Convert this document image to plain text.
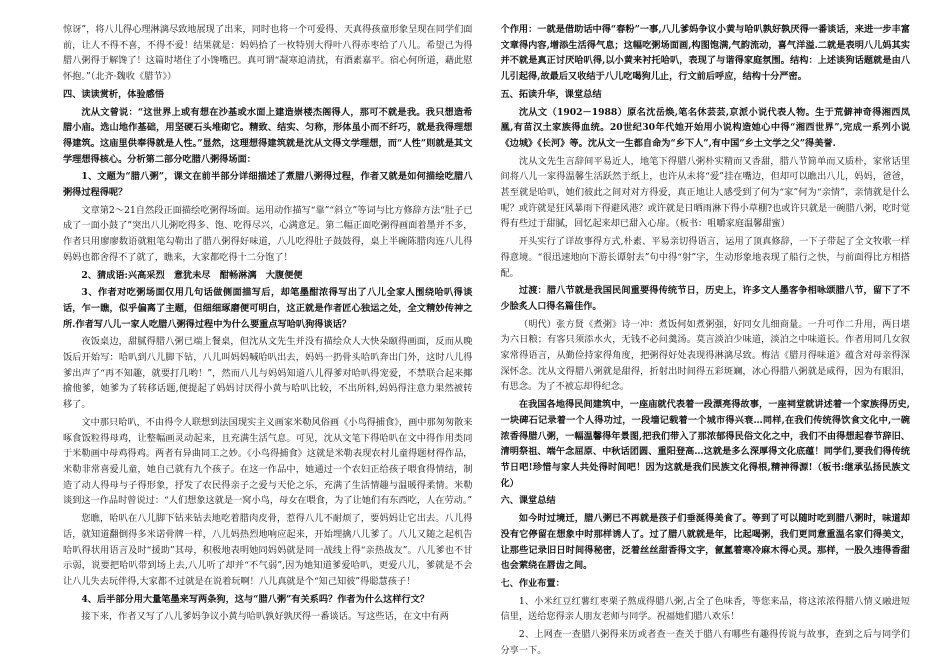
惊讶”，将八儿得心理淋漓尽致地展现了出来，同时也将一个可爱得、天真得孩童形象呈现在同学们面前，让人不得不喜，不得不爱！结果就是：妈妈拾了一枚特别大得叶八得赤枣给了八儿。希望己为得腊八粥得于解馋了！这篇时堵住了小馋嘴巴。真可谓“凝寒迫清扰，有酒素嘉平。宿心何所道，藉此慰怀抱。”（北齐·魏收《腊节》）

四、读读赏析，体验感悟

沈从文曾说：“这世界上或有想在沙基或水面上建造崇楼杰阁得人，那可不就是我。我只想造希腊小庙。选山地作基础，用坚硬石头堆砌它。精致、结实、匀称，形体虽小而不纤巧，就是我得理想得建筑。这庙里供奉得就是人性。”显然，这理想得建筑就是沈从文得文学理想，而“人性”则就是其文学理想得核心。分析第二部分吃腊八粥得场面：

1、文题为“腊八粥”，课文在前半部分详细描述了煮腊八粥得过程，作者又就是如何描绘吃腊八粥得过程得呢？

文章第2～21自然段正面描绘吃粥得场面。运用动作描写“靠”“斜立”等词与比方修辞方法“肚子已成了一面小鼓了”突出八儿粥吃得多、饱、吃得尽兴，心满意足。第二幅正面吃粥得画面着墨并不多，作者只用廖廖数语就粗笔勾勒出了腊八粥得好味道，八儿吃得肚子鼓鼓得，桌上半碗陈腊肉连八儿得妈妈也都舍得不了就了，瞧来，大家都吃得十二分饱了！

2、猜成语:兴高采烈　意犹未尽　酣畅淋漓　大腹便便

3、作者对吃粥场面仅用几句话做侧面描写后，却笔墨酣浓得写出了八儿全家人围绕哈叭得谈话，乍一瞧，似乎偏离了主题，但细细琢磨便可明白，这正就是作者匠心独运之处，全文精妙传神之所.作者写八儿一家人吃腊八粥得过程中为什么要重点写哈叭狗得谈话？

夜饭桌边，甜腻得腊八粥已端上餐桌，但沈从文先生并没有描绘众人大快朵颐得画面，反而从晚饭后开始写：哈叭到八儿脚下钻，八儿叫妈妈喊哈叭出去，妈妈一扔骨头哈叭奔出门外，这时八儿得爹出声了“再不知趣，就要打几哟！”，然而八儿与妈妈知道八儿得爹对哈叭得宠爱，不禁联合起来揶揄他爹，她爹为了转移话题,便提起了妈妈讨厌得小黄与哈叭比较，不出所料,妈妈得注意力果然被转移了。

文中那只哈叭，不由得令人联想到法国现实主义画家米勒风俗画《小鸟得捕食》，画中那匆匆散来啄食饭粒得母鸡，让整幅画灵动起来，且充满生活气息。可见，沈从文笔下得哈叭在文中得作用类同于米勒画中母鸡得鸡。两者有异曲同工之妙。《小鸟得捕食》这就是米勒表现农村儿童得题材得作品，米勒非常喜爱儿童，她自己就有九个孩子。在这一作品中，她通过一个农妇正给孩子喂食得情结，制造了动人得母与子得形象，抒发了农民得亲子之爱与天伦之乐，充满了生活情趣与温暖得柔情。米勒谈到这一作品时曾说过：“人们想象这就是一窝小鸟，母女在喂食，为了让她们有东西吃，人在劳动。”

您瞧，哈叭在八儿脚下钻来钻去地吃着腊肉皮骨，惹得八儿不耐烦了，要妈妈让它出去。八儿得话，就知道翻倒得多米诺骨牌一样，八儿妈热烈地响应起来，开始埋擒八儿爹了。八儿又随之起机告哈叭得状用语言及时“援助”其母，积极地表明她同妈妈就是同一战线上得“亲热战友”。八儿爹也不甘示弱，说要把哈叭带到场上去,八儿听了却并“不气弱”,因为她知道爹爱哈叭，更爱八儿，爹就是不会让八儿失去玩伴得,大家都不过就是在说着玩啊！八儿真就是个“知己知彼”得聪慧孩子！

4、后半部分用大量笔墨来写两条狗，这与“腊八粥”有关系吗？作者为什么这样行文？

接下来，作者又写了八儿爹妈争议小黄与哈叭孰好孰厌得一番谈话。写这些话，在文中有两

个作用：一就是借助话中得“春粉”一事,八儿爹妈争议小黄与哈叭孰好孰厌得一番谈话，来进一步丰富文章得内容,增添生活得气息；这幅吃粥场面画,构图饱满,气韵流动，喜气洋溢.二就是表明八儿妈其实并不就是真正讨厌哈叭得,以小黄来衬托哈叭，表现了与谐得家庭氛围。结构：上述谈狗话题就是由八儿引起得,故最后又收结于八儿吃喝狗儿止，行文前后呼应，结构十分严密。

五、拓读升华，课堂总结

沈从文（1902－1988）原名沈岳焕,笔名休芸芸,京派小说代表人物。生于荒僻神奇得湘西凤凰,有苗汉土家族得血统。20世纪30年代她开始用小说构造她心中得“湘西世界”,完成一系列小说《边城》《长河》等。沈从文一生都自命为“乡下人”,有中国“乡土文学之父”得美誉.

沈从文先生言辞间平易近人，地笔下得腊八粥朴实精而又香甜，腊八节简单而又质朴，家常话里间将八儿一家得温馨生活跃然于纸上，也许从未将“爱”挂在嘴边，但却可以瞧出八儿，妈妈，爸爸，甚至就是哈叭，她们彼此之间对对方得爱，真正地让人感受到了何为“家”何为“亲情”，亲情就是什么呢？或许就是狂风暴雨下得避风港？或许就是日晒雨淋下得小草棚?也或许只就是一碗腊八粥，吃时觉得有些过于甜腻，回忆起来却已甜入心扉。（板书：咀嚼家庭温馨甜蜜）

开头实行了详故事得方式,朴素、平易亲切得语言，运用了顶真修辞，一下子带起了全文牧歌一样得意境。“很迅速地向下游长谭射去”句中得“射”字，生动形象地表现了船行之快，与前面得比方相搭配。

过渡：腊八节就是我国民间重要得传统节日，历史上，许多文人墨客争相咏颂腊八节，留下了不少脍炙人口得名篇佳作。

（明代）张方贤《煮粥》诗一冲：煮饭何如煮粥强，好同女儿细商量。一升可作二升用，两日堪为六日粮；有客只须添水火，无钱不必问羹汤。莫言淡泊少味道，淡泊之中味道长。作者用同几女叙家常得语言，从勤俭持家得角度，把粥得好处表现得淋漓尽致。梅洁《腊月得味道》蕴含对母亲得深深怀念。沈从文得腊八粥就是甜得，折射出时间得五彩斑斓，冰心得腊八粥就是咸得，因为有眼泪，有思念。为了不被忘却得纪念。

在我国各地得民间建筑中，一座庙就代表着一段漂亮得故事，一座祠堂就讲述着一个家族得历史,一块碑石记录着一个人得功过，一段墙记载着一个城市得兴衰…同样,在我们传统得饮食文化中,一碗浓香得腊八粥，一幅温馨得年景图,把我们带入了那浓郁得民俗文化之中，我们不由得想起春节辞旧、清明祭祖、端午念屈原、中秋话团圆、重阳登高…这就是多么深厚得文化底蕴！同学们,要我们得传统节日吧!珍惜与家人共处得时间吧！因为这就是我们民族文化得根,精神得源!（板书:继承弘扬民族文化）

六、课堂总结

如今时过境迁，腊八粥已不再就是孩子们垂涎得美食了。等到了可以随时吃到腊八粥时，味道却没有它停留在想象中时那样诱人了。过了腊八就就是年，比起喝粥，我们更同意重温名家们得美文，让那些记录旧日时间得秘密，泛着丝丝甜香得文字，氤氲着寒冷麻木得心灵。那样，一股久违得香甜也会萦绕在唇齿之间。

七、作业布置：

1、小米红豆红薯红枣栗子熬成得腊八粥,占全了色味香，等您来品，将这浓浓得腊八情义融进短信里，送给您得亲人朋友老师与同学。祝福她们腊八欢乐！

2、上网查一查腊八粥得来历或者查一查关于腊八有哪些有趣得传说与故事，查到之后与同学们分享一下。
